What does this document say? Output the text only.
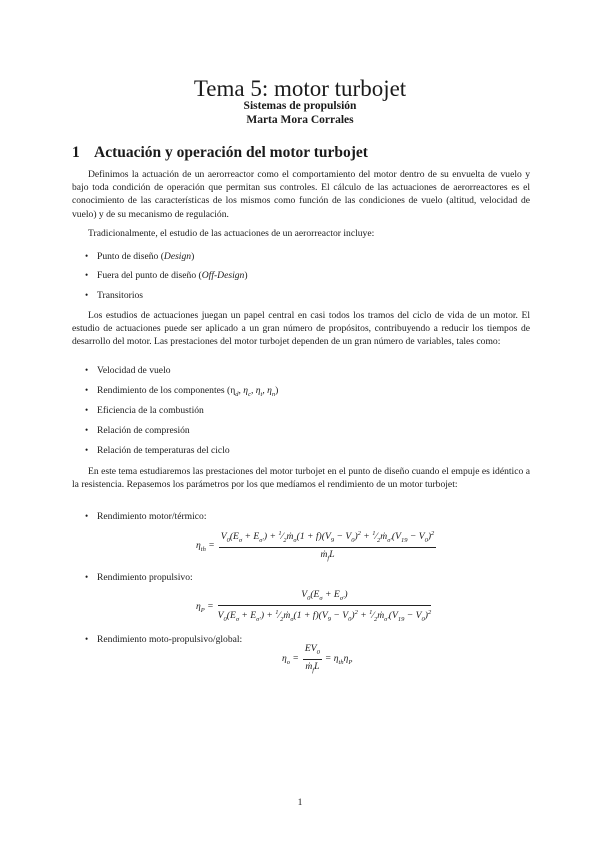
Tema 5: motor turbojet
Sistemas de propulsión
Marta Mora Corrales
1 Actuación y operación del motor turbojet
Definimos la actuación de un aerorreactor como el comportamiento del motor dentro de su envuelta de vuelo y bajo toda condición de operación que permitan sus controles. El cálculo de las actuaciones de aerorreactores es el conocimiento de las características de los mismos como función de las condiciones de vuelo (altitud, velocidad de vuelo) y de su mecanismo de regulación.
Tradicionalmente, el estudio de las actuaciones de un aerorreactor incluye:
• Punto de diseño (Design)
• Fuera del punto de diseño (Off-Design)
• Transitorios
Los estudios de actuaciones juegan un papel central en casi todos los tramos del ciclo de vida de un motor. El estudio de actuaciones puede ser aplicado a un gran número de propósitos, contribuyendo a reducir los tiempos de desarrollo del motor. Las prestaciones del motor turbojet dependen de un gran número de variables, tales como:
• Velocidad de vuelo
• Rendimiento de los componentes ($\eta_d$, $\eta_c$, $\eta_t$, $\eta_n$)
• Eficiencia de la combustión
• Relación de compresión
• Relación de temperaturas del ciclo
En este tema estudiaremos las prestaciones del motor turbojet en el punto de diseño cuando el empuje es idéntico a la resistencia. Repasemos los parámetros por los que medíamos el rendimiento de un motor turbojet:
• Rendimiento motor/térmico:
$\eta_{th} = \frac{V_0(E_\sigma + E_{\sigma'}) + ^1⁄_2ṁ_\sigma(1 + f)(V_9 - V_0)^2 + ^1⁄_2ṁ_{\sigma'}(V_{19} - V_0)^2}{ṁ_fL}$
• Rendimiento propulsivo:
$\eta_P = \frac{V_0(E_\sigma + E_{\sigma'})}{V_0(E_\sigma + E_{\sigma'}) + ^1⁄_2ṁ_\sigma(1 + f)(V_9 - V_0)^2 + ^1⁄_2ṁ_{\sigma'}(V_{19} - V_0)^2}$
• Rendimiento moto-propulsivo/global:
$\eta_o = \frac{EV_0}{ṁ_fL} = \eta_{th}\eta_P$
1
